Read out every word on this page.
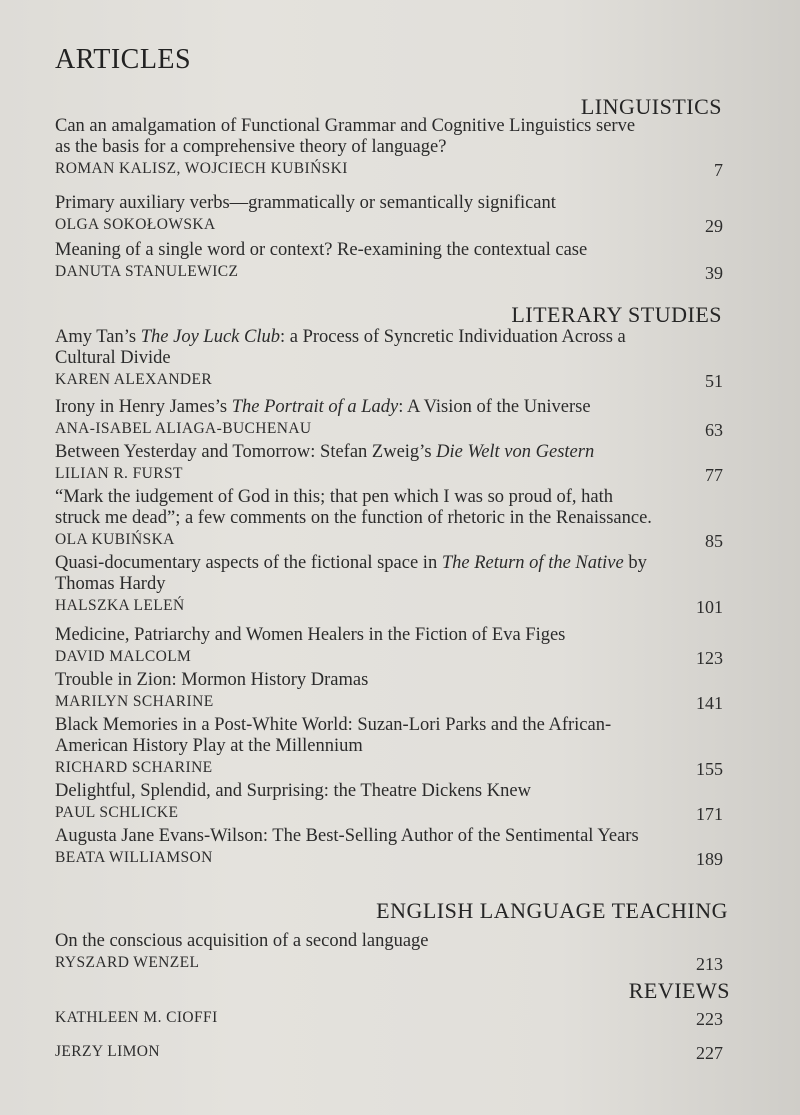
ARTICLES
LINGUISTICS
Can an amalgamation of Functional Grammar and Cognitive Linguistics serve
as the basis for a comprehensive theory of language?
ROMAN KALISZ, WOJCIECH KUBIŃSKI	7
Primary auxiliary verbs—grammatically or semantically significant
OLGA SOKOŁOWSKA	29
Meaning of a single word or context? Re-examining the contextual case
DANUTA STANULEWICZ	39
LITERARY STUDIES
Amy Tan’s The Joy Luck Club: a Process of Syncretic Individuation Across a
Cultural Divide
KAREN ALEXANDER	51
Irony in Henry James’s The Portrait of a Lady: A Vision of the Universe
ANA-ISABEL ALIAGA-BUCHENAU	63
Between Yesterday and Tomorrow: Stefan Zweig’s Die Welt von Gestern
LILIAN R. FURST	77
“Mark the iudgement of God in this; that pen which I was so proud of, hath
struck me dead”; a few comments on the function of rhetoric in the Renaissance.
OLA KUBIŃSKA	85
Quasi-documentary aspects of the fictional space in The Return of the Native by
Thomas Hardy
HALSZKA LELEŃ	101
Medicine, Patriarchy and Women Healers in the Fiction of Eva Figes
DAVID MALCOLM	123
Trouble in Zion: Mormon History Dramas
MARILYN SCHARINE	141
Black Memories in a Post-White World: Suzan-Lori Parks and the African-
American History Play at the Millennium
RICHARD SCHARINE	155
Delightful, Splendid, and Surprising: the Theatre Dickens Knew
PAUL SCHLICKE	171
Augusta Jane Evans-Wilson: The Best-Selling Author of the Sentimental Years
BEATA WILLIAMSON	189
ENGLISH LANGUAGE TEACHING
On the conscious acquisition of a second language
RYSZARD WENZEL	213
REVIEWS
KATHLEEN M. CIOFFI	223
JERZY LIMON	227
